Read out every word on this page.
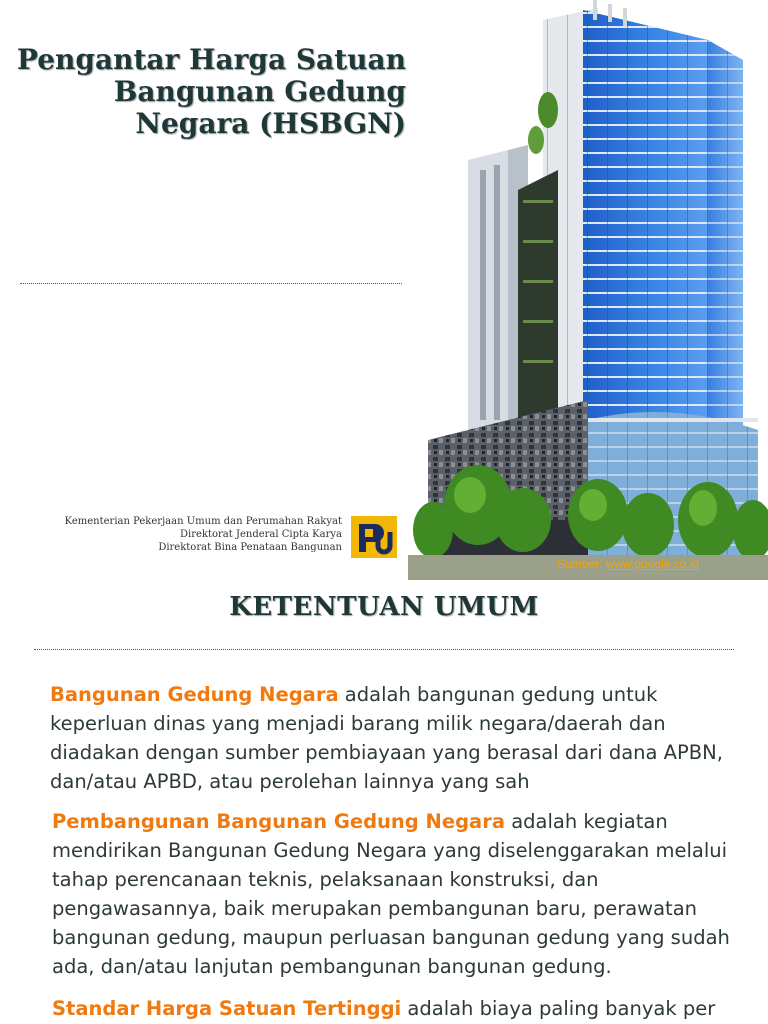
Pengantar Harga Satuan
Bangunan Gedung
Negara (HSBGN)
Kementerian Pekerjaan Umum dan Perumahan Rakyat
Direktorat Jenderal Cipta Karya
Direktorat Bina Penataan Bangunan
Sumber: www.google.co.id
KETENTUAN UMUM

Bangunan Gedung Negara adalah bangunan gedung untuk keperluan dinas yang menjadi barang milik negara/daerah dan diadakan dengan sumber pembiayaan yang berasal dari dana APBN, dan/atau APBD, atau perolehan lainnya yang sah

Pembangunan Bangunan Gedung Negara adalah kegiatan mendirikan Bangunan Gedung Negara yang diselenggarakan melalui tahap perencanaan teknis, pelaksanaan konstruksi, dan pengawasannya, baik merupakan pembangunan baru, perawatan bangunan gedung, maupun perluasan bangunan gedung yang sudah ada, dan/atau lanjutan pembangunan bangunan gedung.

Standar Harga Satuan Tertinggi adalah biaya paling banyak per
